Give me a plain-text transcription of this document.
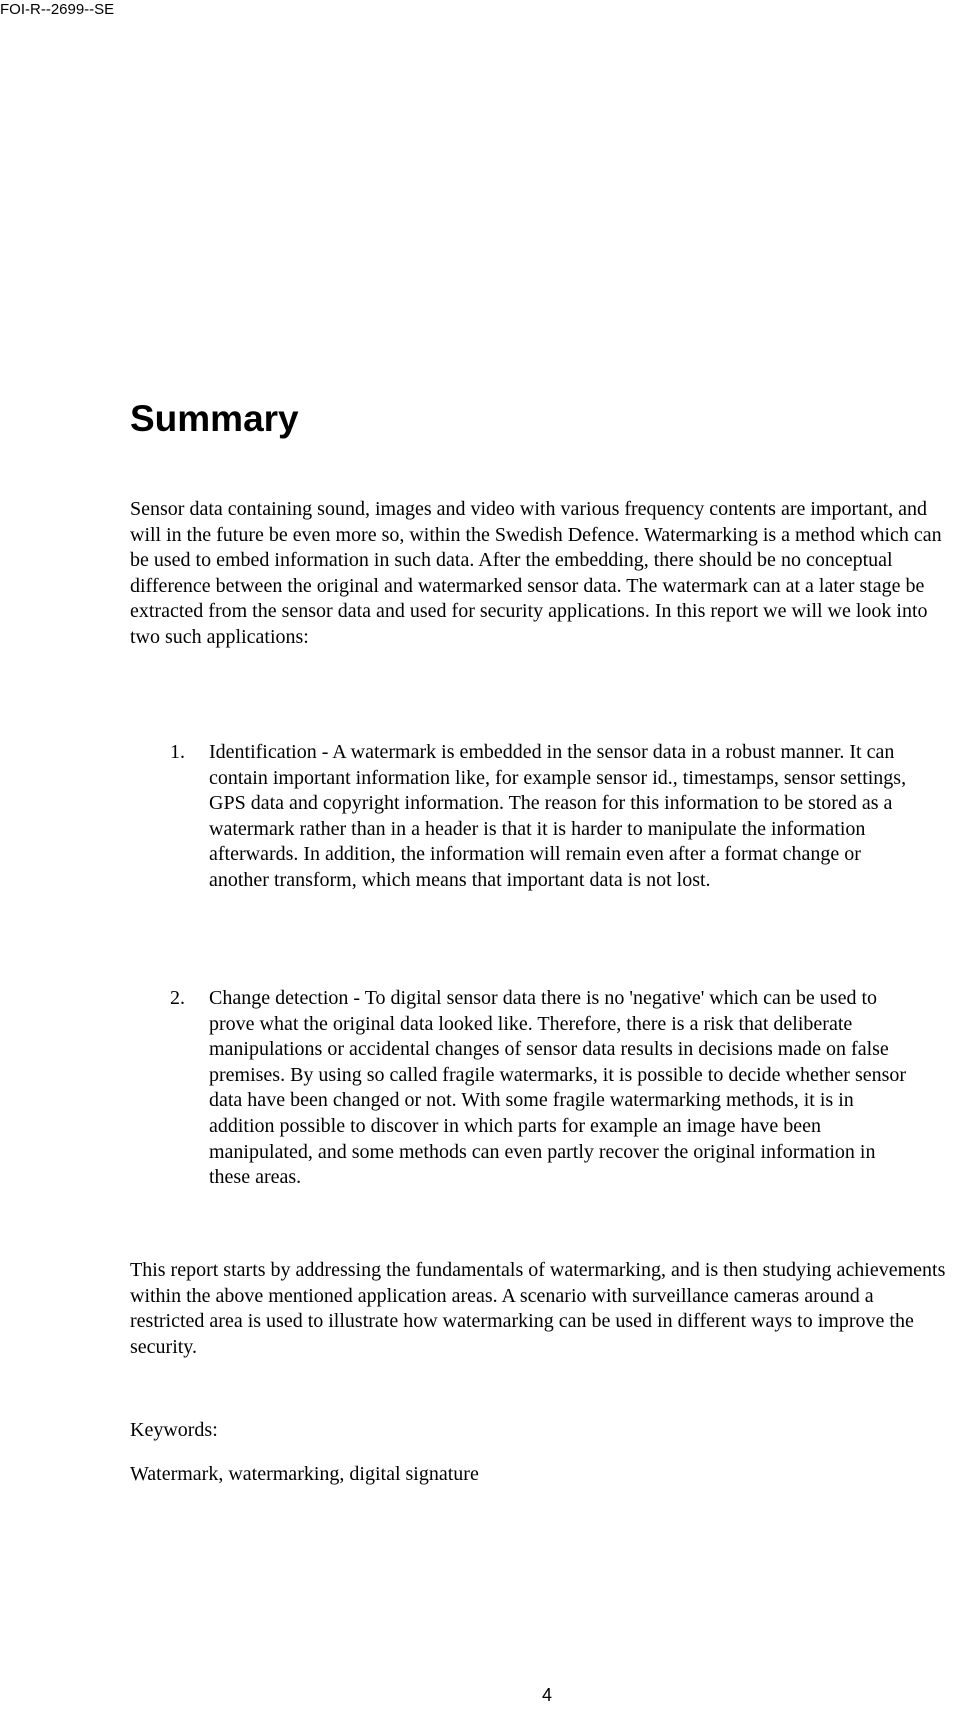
FOI-R--2699--SE
Summary

Sensor data containing sound, images and video with various frequency contents are important, and will in the future be even more so, within the Swedish Defence. Watermarking is a method which can be used to embed information in such data. After the embedding, there should be no conceptual difference between the original and watermarked sensor data. The watermark can at a later stage be extracted from the sensor data and used for security applications. In this report we will we look into two such applications:

1. Identification - A watermark is embedded in the sensor data in a robust manner. It can contain important information like, for example sensor id., timestamps, sensor settings, GPS data and copyright information. The reason for this information to be stored as a watermark rather than in a header is that it is harder to manipulate the information afterwards. In addition, the information will remain even after a format change or another transform, which means that important data is not lost.

2. Change detection - To digital sensor data there is no 'negative' which can be used to prove what the original data looked like. Therefore, there is a risk that deliberate manipulations or accidental changes of sensor data results in decisions made on false premises. By using so called fragile watermarks, it is possible to decide whether sensor data have been changed or not. With some fragile watermarking methods, it is in addition possible to discover in which parts for example an image have been manipulated, and some methods can even partly recover the original information in these areas.

This report starts by addressing the fundamentals of watermarking, and is then studying achievements within the above mentioned application areas. A scenario with surveillance cameras around a restricted area is used to illustrate how watermarking can be used in different ways to improve the security.

Keywords:

Watermark, watermarking, digital signature

4
